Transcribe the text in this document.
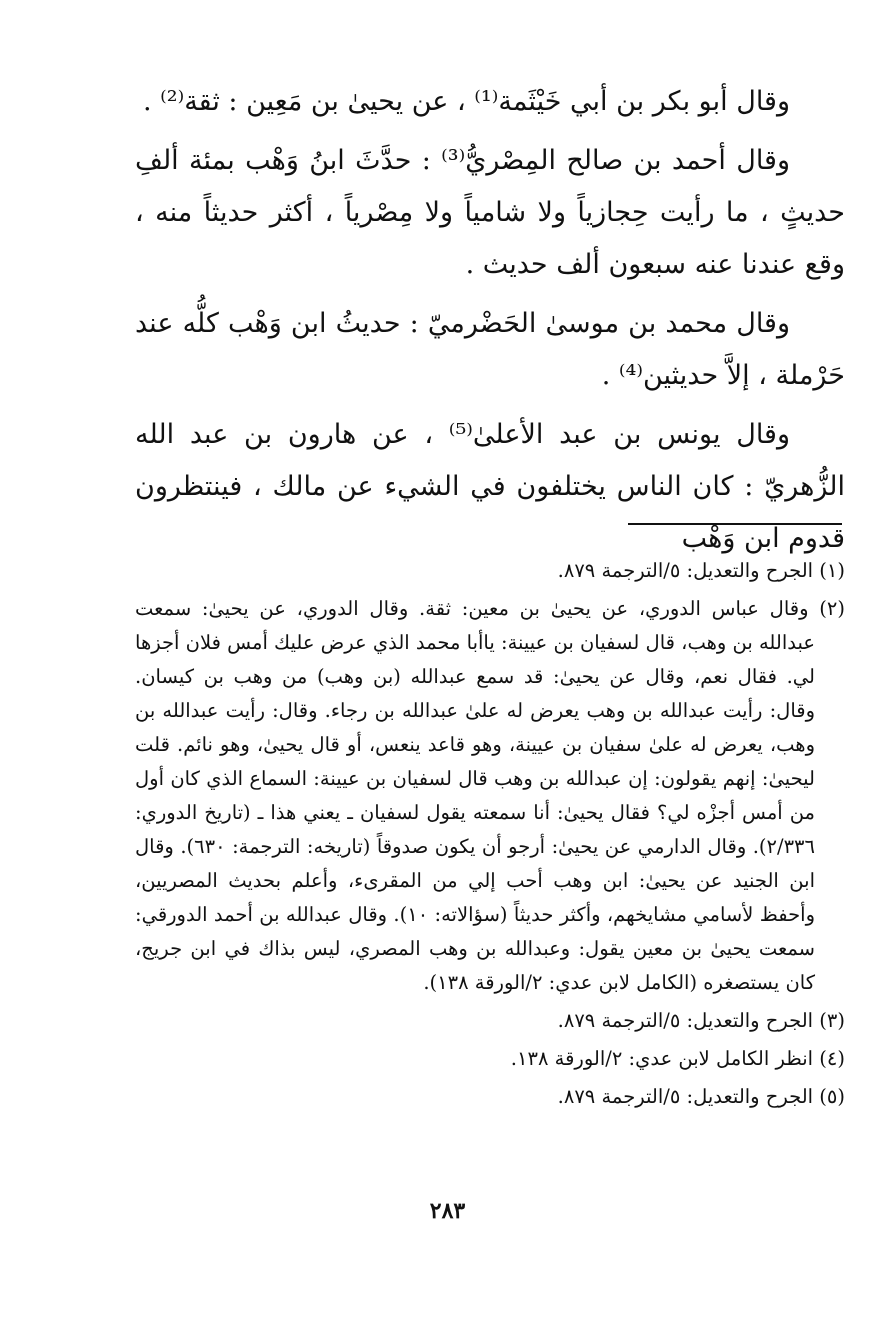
وقال أبو بكر بن أبي خَيْثَمة⁽¹⁾ ، عن يحيىٰ بن مَعِين : ثقة⁽²⁾ .

وقال أحمد بن صالح المِصْريُّ⁽³⁾ : حدَّثَ ابنُ وَهْب بمئة ألفِ حديثٍ ، ما رأيت حِجازياً ولا شامياً ولا مِصْرياً ، أكثر حديثاً منه ، وقع عندنا عنه سبعون ألف حديث .

وقال محمد بن موسىٰ الحَضْرميّ : حديثُ ابن وَهْب كلُّه عند حَرْملة ، إلاَّ حديثين⁽⁴⁾ .

وقال يونس بن عبد الأعلىٰ⁽⁵⁾ ، عن هارون بن عبد الله الزُّهريّ : كان الناس يختلفون في الشيء عن مالك ، فينتظرون قدوم ابن وَهْب

(١) الجرح والتعديل: ٥/الترجمة ٨٧٩.

(٢) وقال عباس الدوري، عن يحيىٰ بن معين: ثقة. وقال الدوري، عن يحيىٰ: سمعت عبدالله بن وهب، قال لسفيان بن عيينة: ياأبا محمد الذي عرض عليك أمس فلان أجزها لي. فقال نعم، وقال عن يحيىٰ: قد سمع عبدالله (بن وهب) من وهب بن كيسان. وقال: رأيت عبدالله بن وهب يعرض له علىٰ عبدالله بن رجاء. وقال: رأيت عبدالله بن وهب، يعرض له علىٰ سفيان بن عيينة، وهو قاعد ينعس، أو قال يحيىٰ، وهو نائم. قلت ليحيىٰ: إنهم يقولون: إن عبدالله بن وهب قال لسفيان بن عيينة: السماع الذي كان أول من أمس أجزْه لي؟ فقال يحيىٰ: أنا سمعته يقول لسفيان ـ يعني هذا ـ (تاريخ الدوري: ٢/٣٣٦). وقال الدارمي عن يحيىٰ: أرجو أن يكون صدوقاً (تاريخه: الترجمة: ٦٣٠). وقال ابن الجنيد عن يحيىٰ: ابن وهب أحب إلي من المقرىء، وأعلم بحديث المصريين، وأحفظ لأسامي مشايخهم، وأكثر حديثاً (سؤالاته: ١٠). وقال عبدالله بن أحمد الدورقي: سمعت يحيىٰ بن معين يقول: وعبدالله بن وهب المصري، ليس بذاك في ابن جريج، كان يستصغره (الكامل لابن عدي: ٢/الورقة ١٣٨).

(٣) الجرح والتعديل: ٥/الترجمة ٨٧٩.

(٤) انظر الكامل لابن عدي: ٢/الورقة ١٣٨.

(٥) الجرح والتعديل: ٥/الترجمة ٨٧٩.

٢٨٣
